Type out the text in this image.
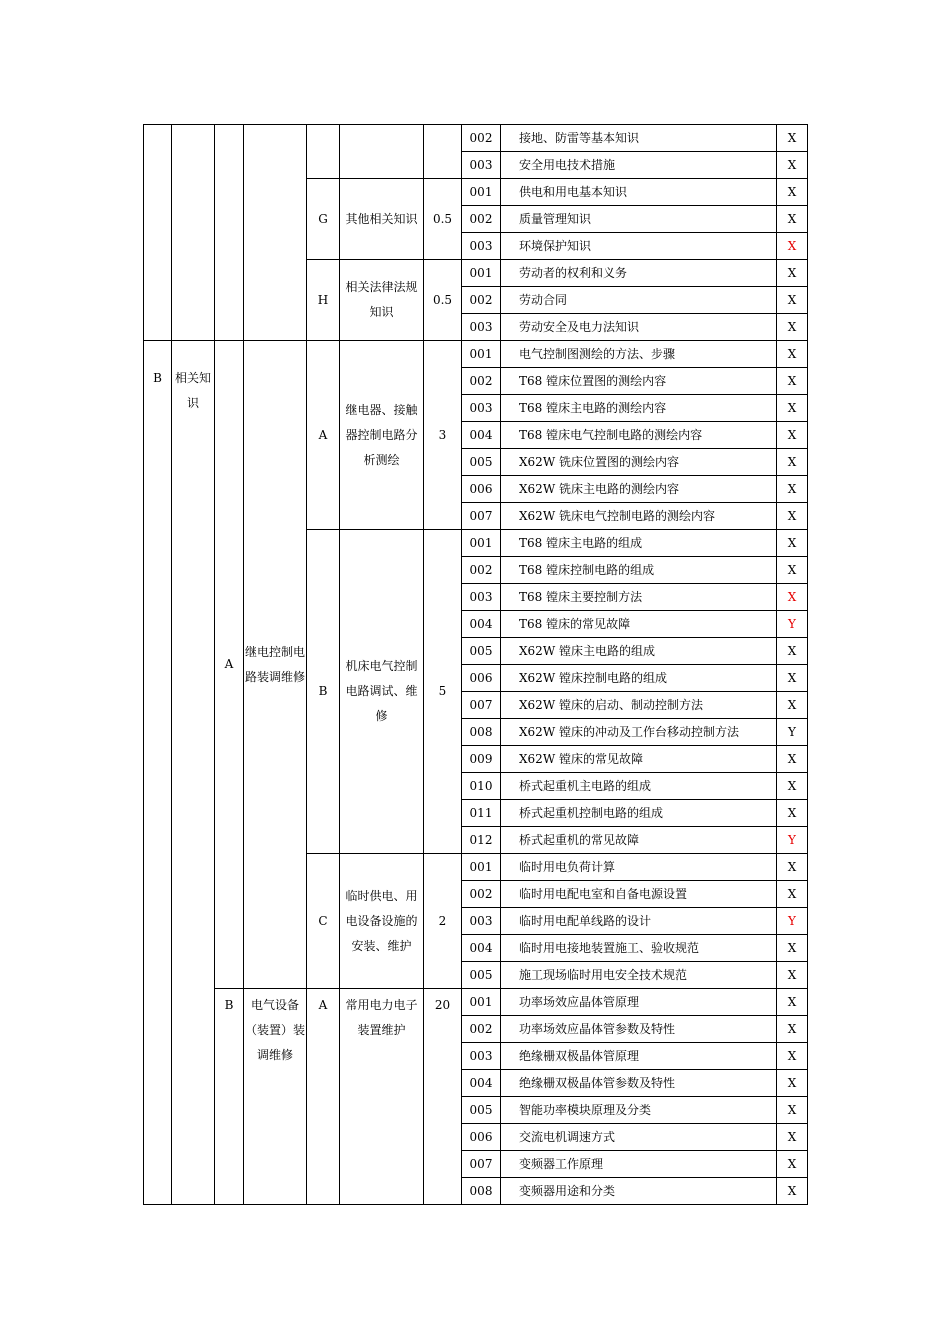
							002	接地、防雷等基本知识	X
							003	安全用电技术措施	X
				G	其他相关知识	0.5	001	供电和用电基本知识	X
							002	质量管理知识	X
							003	环境保护知识	X
				H	相关法律法规知识	0.5	001	劳动者的权利和义务	X
							002	劳动合同	X
							003	劳动安全及电力法知识	X
B	相关知识	A	继电控制电路装调维修	A	继电器、接触器控制电路分析测绘	3	001	电气控制图测绘的方法、步骤	X
							002	T68 镗床位置图的测绘内容	X
							003	T68 镗床主电路的测绘内容	X
							004	T68 镗床电气控制电路的测绘内容	X
							005	X62W 铣床位置图的测绘内容	X
							006	X62W 铣床主电路的测绘内容	X
							007	X62W 铣床电气控制电路的测绘内容	X
				B	机床电气控制电路调试、维修	5	001	T68 镗床主电路的组成	X
							002	T68 镗床控制电路的组成	X
							003	T68 镗床主要控制方法	X
							004	T68 镗床的常见故障	Y
							005	X62W 镗床主电路的组成	X
							006	X62W 镗床控制电路的组成	X
							007	X62W 镗床的启动、制动控制方法	X
							008	X62W 镗床的冲动及工作台移动控制方法	Y
							009	X62W 镗床的常见故障	X
							010	桥式起重机主电路的组成	X
							011	桥式起重机控制电路的组成	X
							012	桥式起重机的常见故障	Y
				C	临时供电、用电设备设施的安装、维护	2	001	临时用电负荷计算	X
							002	临时用电配电室和自备电源设置	X
							003	临时用电配单线路的设计	Y
							004	临时用电接地装置施工、验收规范	X
							005	施工现场临时用电安全技术规范	X
		B	电气设备（装置）装调维修	A	常用电力电子装置维护	20	001	功率场效应晶体管原理	X
							002	功率场效应晶体管参数及特性	X
							003	绝缘栅双极晶体管原理	X
							004	绝缘栅双极晶体管参数及特性	X
							005	智能功率模块原理及分类	X
							006	交流电机调速方式	X
							007	变频器工作原理	X
							008	变频器用途和分类	X
